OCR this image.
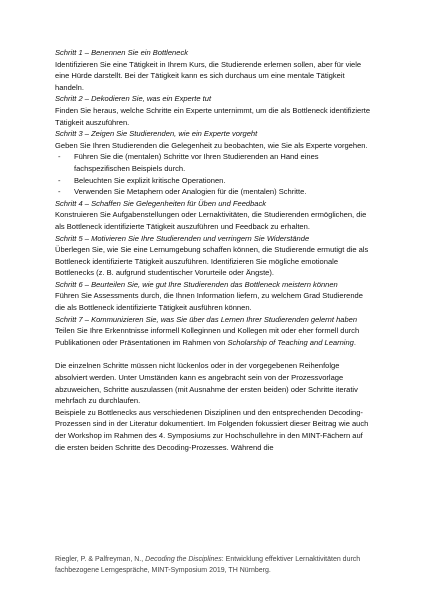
Schritt 1 – Benennen Sie ein Bottleneck

Identifizieren Sie eine Tätigkeit in Ihrem Kurs, die Studierende erlernen sollen, aber für viele eine Hürde darstellt. Bei der Tätigkeit kann es sich durchaus um eine mentale Tätigkeit handeln.

Schritt 2 – Dekodieren Sie, was ein Experte tut

Finden Sie heraus, welche Schritte ein Experte unternimmt, um die als Bottleneck identifizierte Tätigkeit auszuführen.

Schritt 3 – Zeigen Sie Studierenden, wie ein Experte vorgeht

Geben Sie Ihren Studierenden die Gelegenheit zu beobachten, wie Sie als Experte vorgehen.

- Führen Sie die (mentalen) Schritte vor Ihren Studierenden an Hand eines fachspezifischen Beispiels durch.
- Beleuchten Sie explizit kritische Operationen.
- Verwenden Sie Metaphern oder Analogien für die (mentalen) Schritte.

Schritt 4 – Schaffen Sie Gelegenheiten für Üben und Feedback

Konstruieren Sie Aufgabenstellungen oder Lernaktivitäten, die Studierenden ermöglichen, die als Bottleneck identifizierte Tätigkeit auszuführen und Feedback zu erhalten.

Schritt 5 – Motivieren Sie Ihre Studierenden und verringern Sie Widerstände

Überlegen Sie, wie Sie eine Lernumgebung schaffen können, die Studierende ermutigt die als Bottleneck identifizierte Tätigkeit auszuführen. Identifizieren Sie mögliche emotionale Bottlenecks (z. B. aufgrund studentischer Vorurteile oder Ängste).

Schritt 6 – Beurteilen Sie, wie gut Ihre Studierenden das Bottleneck meistern können

Führen Sie Assessments durch, die Ihnen Information liefern, zu welchem Grad Studierende die als Bottleneck identifizierte Tätigkeit ausführen können.

Schritt 7 – Kommunizieren Sie, was Sie über das Lernen Ihrer Studierenden gelernt haben

Teilen Sie Ihre Erkenntnisse informell Kolleginnen und Kollegen mit oder eher formell durch Publikationen oder Präsentationen im Rahmen von Scholarship of Teaching and Learning.

Die einzelnen Schritte müssen nicht lückenlos oder in der vorgegebenen Reihenfolge absolviert werden. Unter Umständen kann es angebracht sein von der Prozessvorlage abzuweichen, Schritte auszulassen (mit Ausnahme der ersten beiden) oder Schritte iterativ mehrfach zu durchlaufen.

Beispiele zu Bottlenecks aus verschiedenen Disziplinen und den entsprechenden Decoding-Prozessen sind in der Literatur dokumentiert. Im Folgenden fokussiert dieser Beitrag wie auch der Workshop im Rahmen des 4. Symposiums zur Hochschullehre in den MINT-Fächern auf die ersten beiden Schritte des Decoding-Prozesses. Während die

Riegler, P. & Palfreyman, N., Decoding the Disciplines: Entwicklung effektiver Lernaktivitäten durch fachbezogene Lerngespräche, MINT-Symposium 2019, TH Nürnberg.
